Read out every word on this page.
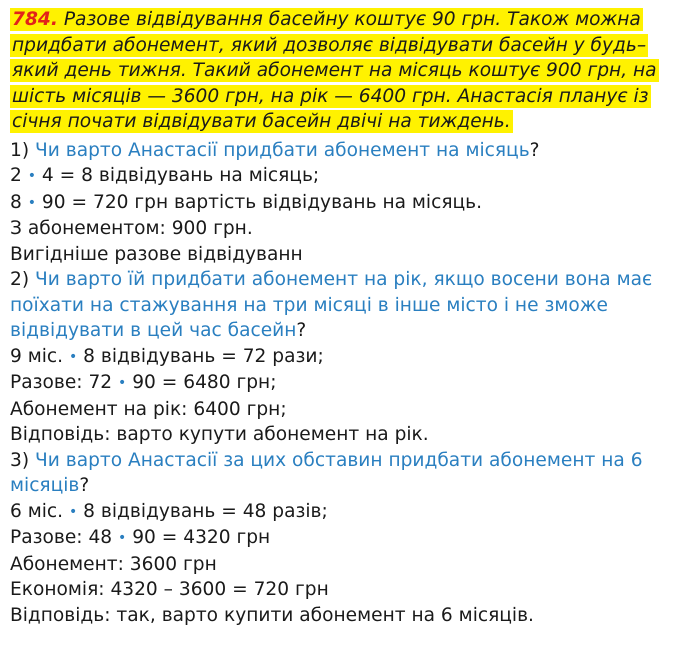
784. Разове відвідування басейну коштує 90 грн. Також можна придбати абонемент, який дозволяє відвідувати басейн у будь–який день тижня. Такий абонемент на місяць коштує 900 грн, на шість місяців — 3600 грн, на рік — 6400 грн. Анастасія планує із січня почати відвідувати басейн двічі на тиждень.
1) Чи варто Анастасії придбати абонемент на місяць?
2 • 4 = 8 відвідувань на місяць;
8 • 90 = 720 грн вартість відвідувань на місяць.
З абонементом: 900 грн.
Вигідніше разове відвідуванн
2) Чи варто їй придбати абонемент на рік, якщо восени вона має
поїхати на стажування на три місяці в інше місто і не зможе
відвідувати в цей час басейн?
9 міс. • 8 відвідувань = 72 рази;
Разове: 72 • 90 = 6480 грн;
Абонемент на рік: 6400 грн;
Відповідь: варто купути абонемент на рік.
3) Чи варто Анастасії за цих обставин придбати абонемент на 6
місяців?
6 міс. • 8 відвідувань = 48 разів;
Разове: 48 • 90 = 4320 грн
Абонемент: 3600 грн
Економія: 4320 – 3600 = 720 грн
Відповідь: так, варто купити абонемент на 6 місяців.
